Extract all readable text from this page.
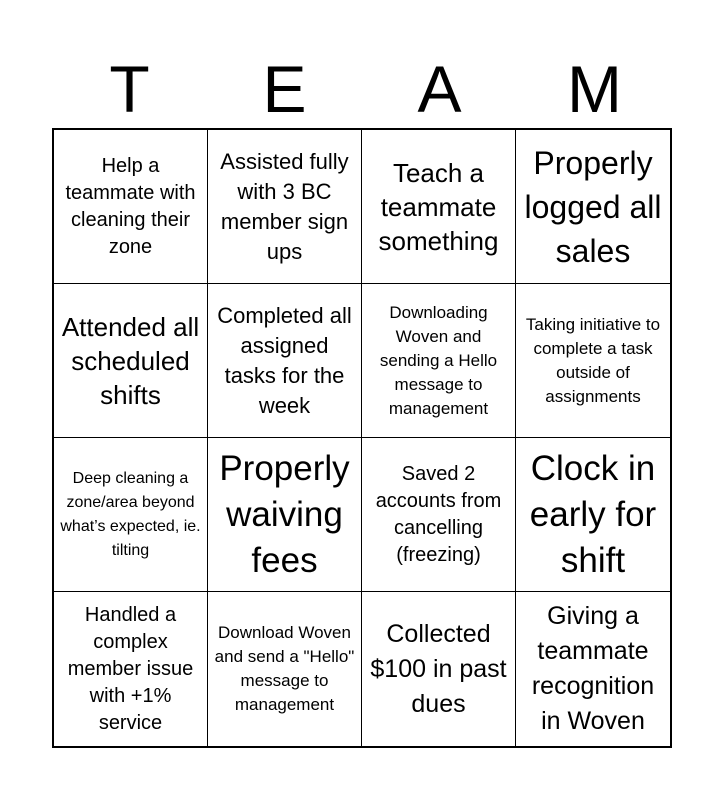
T	E	A	M
Help a teammate with cleaning their zone
Assisted fully with 3 BC member sign ups
Teach a teammate something
Properly logged all sales
Attended all scheduled shifts
Completed all assigned tasks for the week
Downloading Woven and sending a Hello message to management
Taking initiative to complete a task outside of assignments
Deep cleaning a zone/area beyond what’s expected, ie. tilting
Properly waiving fees
Saved 2 accounts from cancelling (freezing)
Clock in early for shift
Handled a complex member issue with +1% service
Download Woven and send a "Hello" message to management
Collected $100 in past dues
Giving a teammate recognition in Woven
